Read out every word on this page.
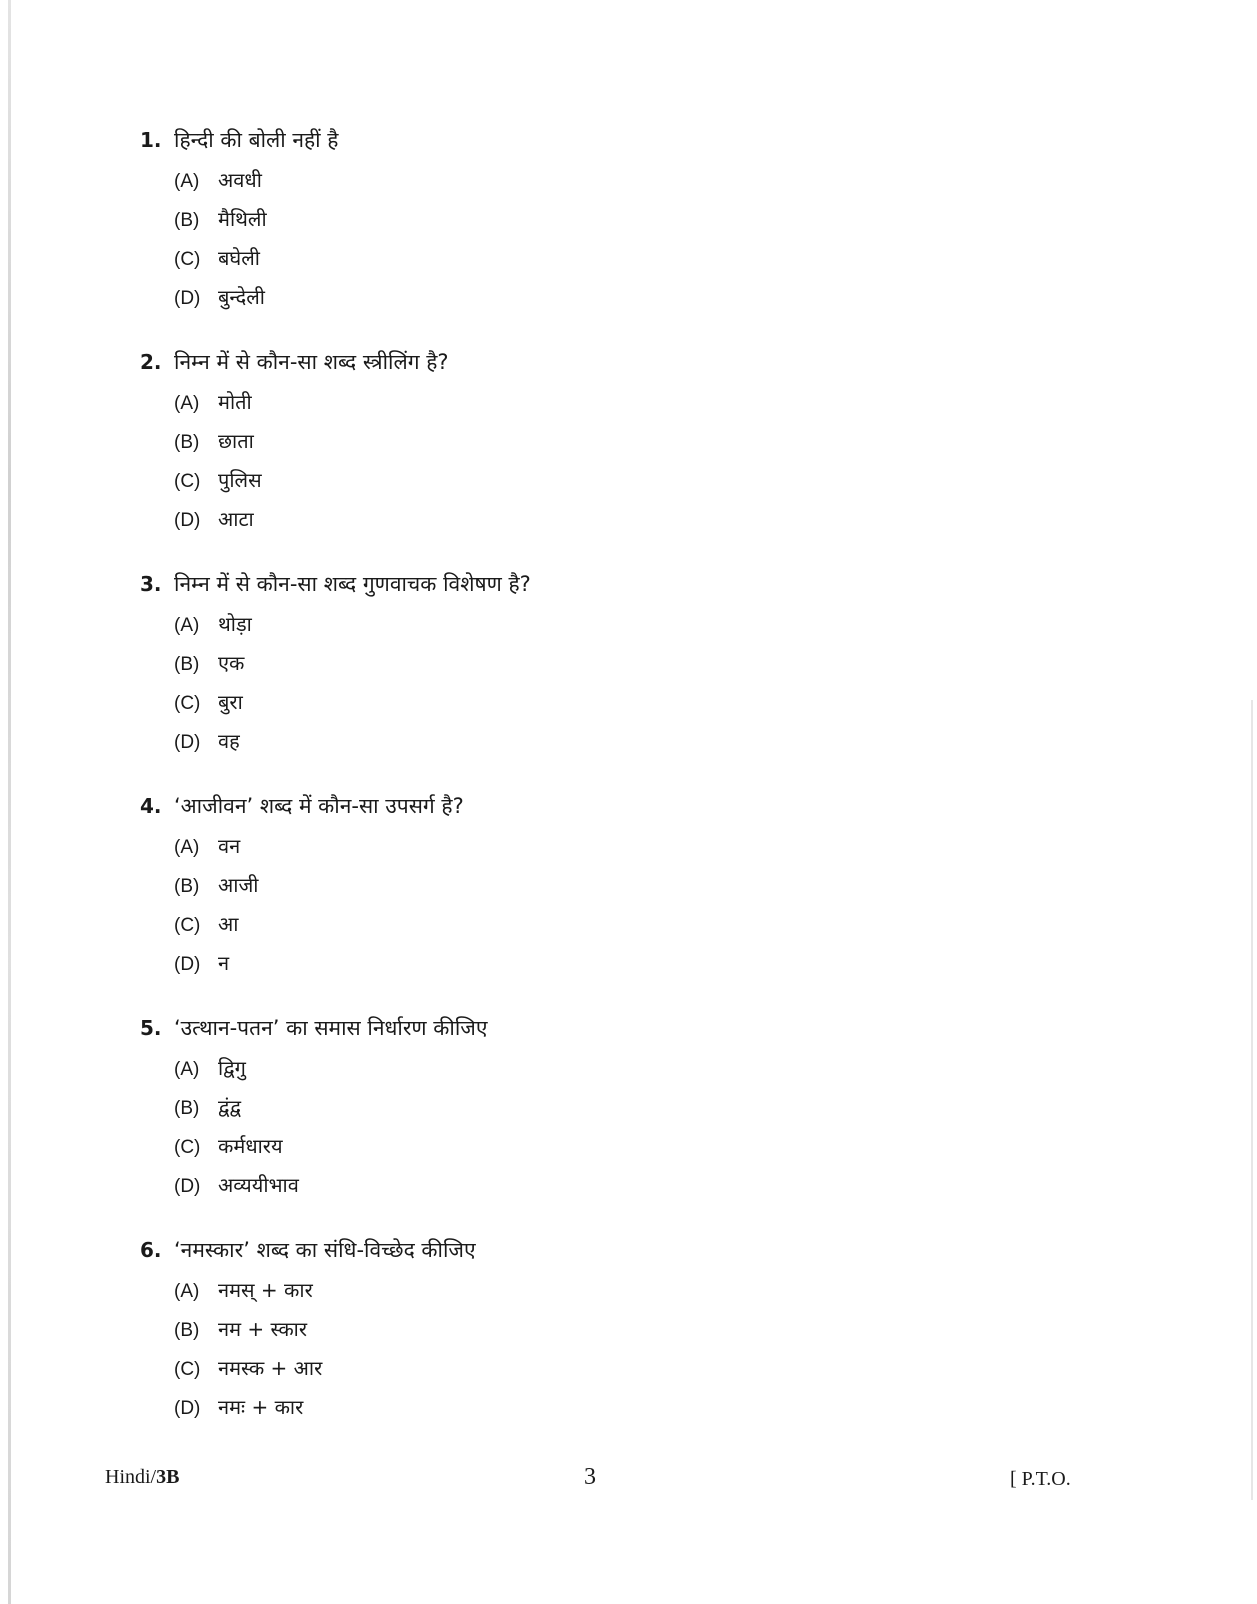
1. हिन्दी की बोली नहीं है
(A) अवधी
(B) मैथिली
(C) बघेली
(D) बुन्देली
2. निम्न में से कौन-सा शब्द स्त्रीलिंग है?
(A) मोती
(B) छाता
(C) पुलिस
(D) आटा
3. निम्न में से कौन-सा शब्द गुणवाचक विशेषण है?
(A) थोड़ा
(B) एक
(C) बुरा
(D) वह
4. ‘आजीवन’ शब्द में कौन-सा उपसर्ग है?
(A) वन
(B) आजी
(C) आ
(D) न
5. ‘उत्थान-पतन’ का समास निर्धारण कीजिए
(A) द्विगु
(B) द्वंद्व
(C) कर्मधारय
(D) अव्ययीभाव
6. ‘नमस्कार’ शब्द का संधि-विच्छेद कीजिए
(A) नमस् + कार
(B) नम + स्कार
(C) नमस्क + आर
(D) नमः + कार
Hindi/3B	3	[ P.T.O.
